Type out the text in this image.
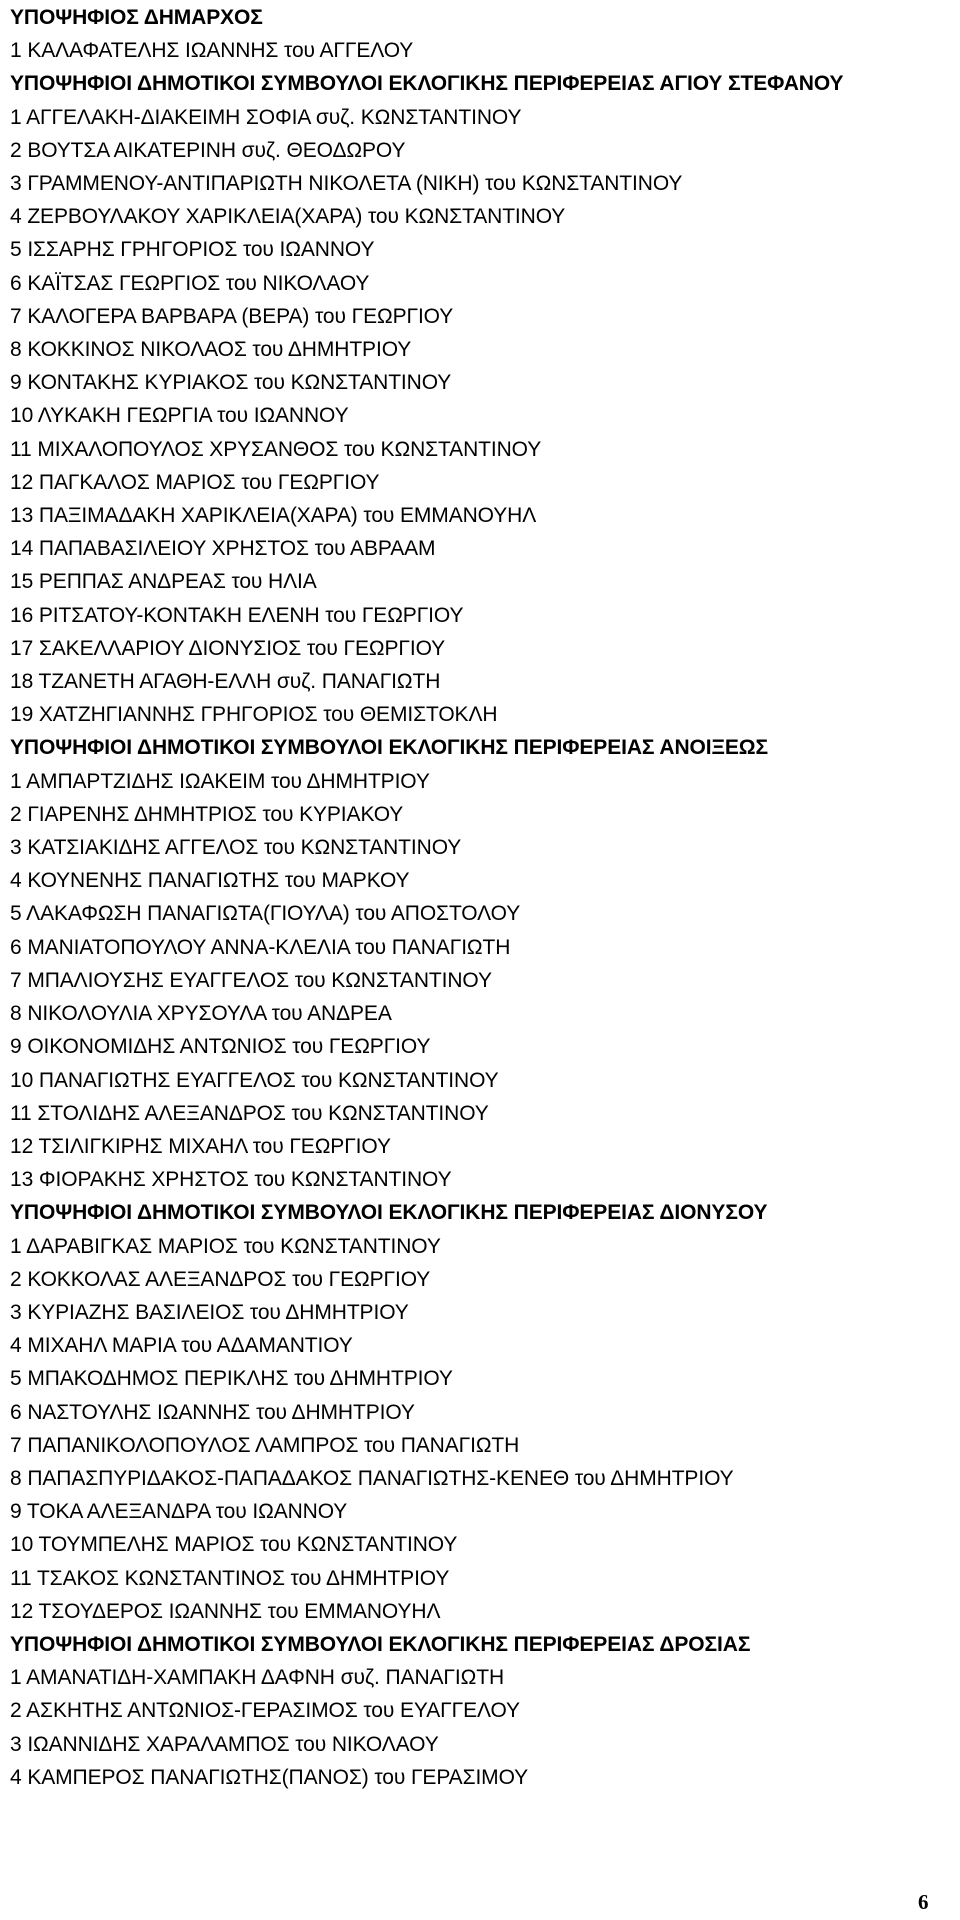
ΥΠΟΨΗΦΙΟΣ ΔΗΜΑΡΧΟΣ
1 ΚΑΛΑΦΑΤΕΛΗΣ ΙΩΑΝΝΗΣ του ΑΓΓΕΛΟΥ
ΥΠΟΨΗΦΙΟΙ ΔΗΜΟΤΙΚΟΙ ΣΥΜΒΟΥΛΟΙ ΕΚΛΟΓΙΚΗΣ ΠΕΡΙΦΕΡΕΙΑΣ ΑΓΙΟΥ ΣΤΕΦΑΝΟΥ
1 ΑΓΓΕΛΑΚΗ-ΔΙΑΚΕΙΜΗ ΣΟΦΙΑ συζ. ΚΩΝΣΤΑΝΤΙΝΟΥ
2 ΒΟΥΤΣΑ ΑΙΚΑΤΕΡΙΝΗ συζ. ΘΕΟΔΩΡΟΥ
3 ΓΡΑΜΜΕΝΟΥ-ΑΝΤΙΠΑΡΙΩΤΗ ΝΙΚΟΛΕΤΑ (ΝΙΚΗ) του ΚΩΝΣΤΑΝΤΙΝΟΥ
4 ΖΕΡΒΟΥΛΑΚΟΥ ΧΑΡΙΚΛΕΙΑ(ΧΑΡΑ) του ΚΩΝΣΤΑΝΤΙΝΟΥ
5 ΙΣΣΑΡΗΣ ΓΡΗΓΟΡΙΟΣ του ΙΩΑΝΝΟΥ
6 ΚΑΪΤΣΑΣ ΓΕΩΡΓΙΟΣ του ΝΙΚΟΛΑΟΥ
7 ΚΑΛΟΓΕΡΑ ΒΑΡΒΑΡΑ (ΒΕΡΑ) του ΓΕΩΡΓΙΟΥ
8 ΚΟΚΚΙΝΟΣ ΝΙΚΟΛΑΟΣ του ΔΗΜΗΤΡΙΟΥ
9 ΚΟΝΤΑΚΗΣ ΚΥΡΙΑΚΟΣ του ΚΩΝΣΤΑΝΤΙΝΟΥ
10 ΛΥΚΑΚΗ ΓΕΩΡΓΙΑ του ΙΩΑΝΝΟΥ
11 ΜΙΧΑΛΟΠΟΥΛΟΣ ΧΡΥΣΑΝΘΟΣ του ΚΩΝΣΤΑΝΤΙΝΟΥ
12 ΠΑΓΚΑΛΟΣ ΜΑΡΙΟΣ του ΓΕΩΡΓΙΟΥ
13 ΠΑΞΙΜΑΔΑΚΗ ΧΑΡΙΚΛΕΙΑ(ΧΑΡΑ) του ΕΜΜΑΝΟΥΗΛ
14 ΠΑΠΑΒΑΣΙΛΕΙΟΥ ΧΡΗΣΤΟΣ του ΑΒΡΑΑΜ
15 ΡΕΠΠΑΣ ΑΝΔΡΕΑΣ του ΗΛΙΑ
16 ΡΙΤΣΑΤΟΥ-ΚΟΝΤΑΚΗ ΕΛΕΝΗ του ΓΕΩΡΓΙΟΥ
17 ΣΑΚΕΛΛΑΡΙΟΥ ΔΙΟΝΥΣΙΟΣ του ΓΕΩΡΓΙΟΥ
18 ΤΖΑΝΕΤΗ ΑΓΑΘΗ-ΕΛΛΗ συζ. ΠΑΝΑΓΙΩΤΗ
19 ΧΑΤΖΗΓΙΑΝΝΗΣ ΓΡΗΓΟΡΙΟΣ του ΘΕΜΙΣΤΟΚΛΗ
ΥΠΟΨΗΦΙΟΙ ΔΗΜΟΤΙΚΟΙ ΣΥΜΒΟΥΛΟΙ ΕΚΛΟΓΙΚΗΣ ΠΕΡΙΦΕΡΕΙΑΣ ΑΝΟΙΞΕΩΣ
1 ΑΜΠΑΡΤΖΙΔΗΣ ΙΩΑΚΕΙΜ του ΔΗΜΗΤΡΙΟΥ
2 ΓΙΑΡΕΝΗΣ ΔΗΜΗΤΡΙΟΣ του ΚΥΡΙΑΚΟΥ
3 ΚΑΤΣΙΑΚΙΔΗΣ ΑΓΓΕΛΟΣ του ΚΩΝΣΤΑΝΤΙΝΟΥ
4 ΚΟΥΝΕΝΗΣ ΠΑΝΑΓΙΩΤΗΣ του ΜΑΡΚΟΥ
5 ΛΑΚΑΦΩΣΗ ΠΑΝΑΓΙΩΤΑ(ΓΙΟΥΛΑ) του ΑΠΟΣΤΟΛΟΥ
6 ΜΑΝΙΑΤΟΠΟΥΛΟΥ ΑΝΝΑ-ΚΛΕΛΙΑ του ΠΑΝΑΓΙΩΤΗ
7 ΜΠΑΛΙΟΥΣΗΣ ΕΥΑΓΓΕΛΟΣ του ΚΩΝΣΤΑΝΤΙΝΟΥ
8 ΝΙΚΟΛΟΥΛΙΑ ΧΡΥΣΟΥΛΑ του ΑΝΔΡΕΑ
9 ΟΙΚΟΝΟΜΙΔΗΣ ΑΝΤΩΝΙΟΣ του ΓΕΩΡΓΙΟΥ
10 ΠΑΝΑΓΙΩΤΗΣ ΕΥΑΓΓΕΛΟΣ του ΚΩΝΣΤΑΝΤΙΝΟΥ
11 ΣΤΟΛΙΔΗΣ ΑΛΕΞΑΝΔΡΟΣ του ΚΩΝΣΤΑΝΤΙΝΟΥ
12 ΤΣΙΛΙΓΚΙΡΗΣ ΜΙΧΑΗΛ του ΓΕΩΡΓΙΟΥ
13 ΦΙΟΡΑΚΗΣ ΧΡΗΣΤΟΣ του ΚΩΝΣΤΑΝΤΙΝΟΥ
ΥΠΟΨΗΦΙΟΙ ΔΗΜΟΤΙΚΟΙ ΣΥΜΒΟΥΛΟΙ ΕΚΛΟΓΙΚΗΣ ΠΕΡΙΦΕΡΕΙΑΣ ΔΙΟΝΥΣΟΥ
1 ΔΑΡΑΒΙΓΚΑΣ ΜΑΡΙΟΣ του ΚΩΝΣΤΑΝΤΙΝΟΥ
2 ΚΟΚΚΟΛΑΣ ΑΛΕΞΑΝΔΡΟΣ του ΓΕΩΡΓΙΟΥ
3 ΚΥΡΙΑΖΗΣ ΒΑΣΙΛΕΙΟΣ του ΔΗΜΗΤΡΙΟΥ
4 ΜΙΧΑΗΛ ΜΑΡΙΑ του ΑΔΑΜΑΝΤΙΟΥ
5 ΜΠΑΚΟΔΗΜΟΣ ΠΕΡΙΚΛΗΣ του ΔΗΜΗΤΡΙΟΥ
6 ΝΑΣΤΟΥΛΗΣ ΙΩΑΝΝΗΣ του ΔΗΜΗΤΡΙΟΥ
7 ΠΑΠΑΝΙΚΟΛΟΠΟΥΛΟΣ ΛΑΜΠΡΟΣ του ΠΑΝΑΓΙΩΤΗ
8 ΠΑΠΑΣΠΥΡΙΔΑΚΟΣ-ΠΑΠΑΔΑΚΟΣ ΠΑΝΑΓΙΩΤΗΣ-ΚΕΝΕΘ του ΔΗΜΗΤΡΙΟΥ
9 ΤΟΚΑ ΑΛΕΞΑΝΔΡΑ του ΙΩΑΝΝΟΥ
10 ΤΟΥΜΠΕΛΗΣ ΜΑΡΙΟΣ του ΚΩΝΣΤΑΝΤΙΝΟΥ
11 ΤΣΑΚΟΣ ΚΩΝΣΤΑΝΤΙΝΟΣ του ΔΗΜΗΤΡΙΟΥ
12 ΤΣΟΥΔΕΡΟΣ ΙΩΑΝΝΗΣ του ΕΜΜΑΝΟΥΗΛ
ΥΠΟΨΗΦΙΟΙ ΔΗΜΟΤΙΚΟΙ ΣΥΜΒΟΥΛΟΙ ΕΚΛΟΓΙΚΗΣ ΠΕΡΙΦΕΡΕΙΑΣ ΔΡΟΣΙΑΣ
1 ΑΜΑΝΑΤΙΔΗ-ΧΑΜΠΑΚΗ ΔΑΦΝΗ συζ. ΠΑΝΑΓΙΩΤΗ
2 ΑΣΚΗΤΗΣ ΑΝΤΩΝΙΟΣ-ΓΕΡΑΣΙΜΟΣ του ΕΥΑΓΓΕΛΟΥ
3 ΙΩΑΝΝΙΔΗΣ ΧΑΡΑΛΑΜΠΟΣ του ΝΙΚΟΛΑΟΥ
4 ΚΑΜΠΕΡΟΣ ΠΑΝΑΓΙΩΤΗΣ(ΠΑΝΟΣ) του ΓΕΡΑΣΙΜΟΥ
6
